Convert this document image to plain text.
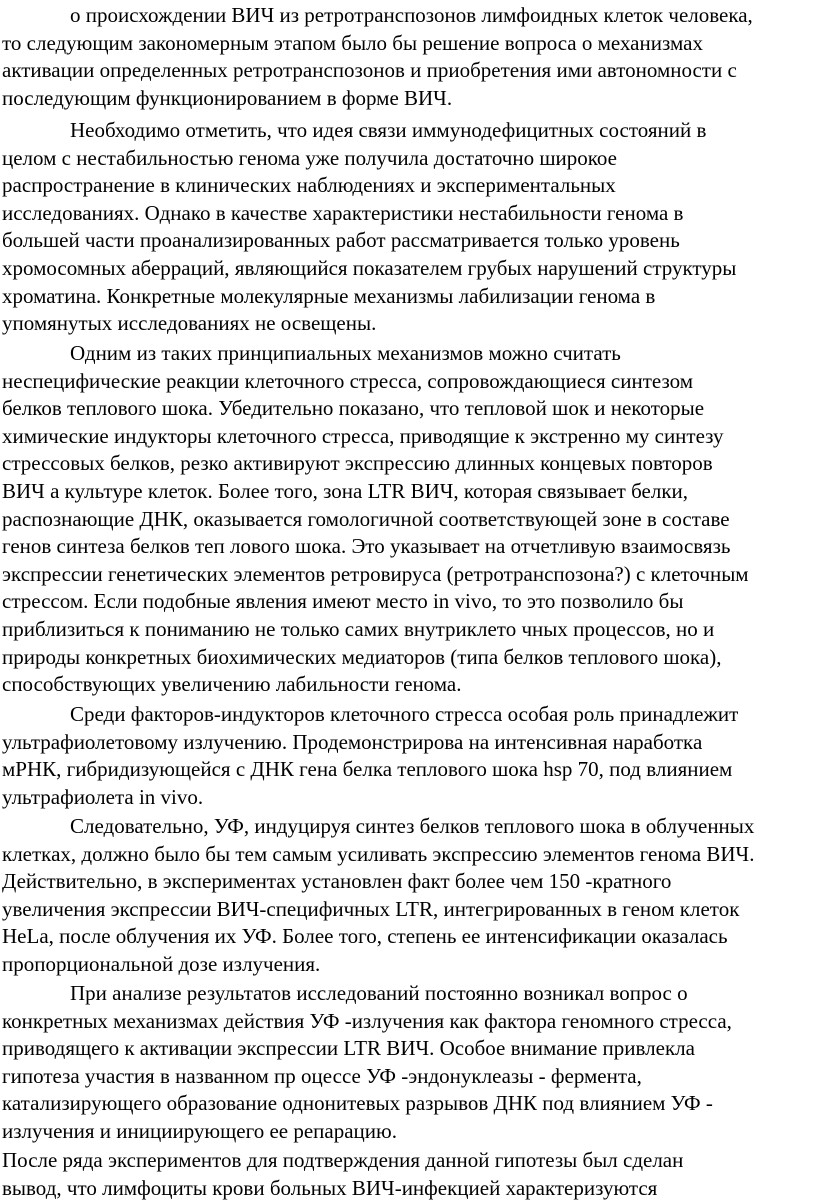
о происхождении ВИЧ из ретротранспозонов лимфоидных клеток человека,
то следующим закономерным этапом было бы решение вопроса о механизмах
активации определенных ретротранспозонов и приобретения ими автономности с
последующим функционированием в форме ВИЧ.
Необходимо отметить, что идея связи иммунодефицитных состояний в
целом с нестабильностью генома уже получила достаточно широкое
распространение в клинических наблюдениях и экспериментальных
исследованиях. Однако в качестве характеристики нестабильности генома в
большей части проанализированных работ рассматривается только уровень
хромосомных аберраций, являющийся показателем грубых нарушений структуры
хроматина. Конкретные молекулярные механизмы лабилизации генома в
упомянутых исследованиях не освещены.
Одним из таких принципиальных механизмов можно считать
неспецифические реакции клеточного стресса, сопровождающиеся синтезом
белков теплового шока. Убедительно показано, что тепловой шок и некоторые
химические индукторы клеточного стресса, приводящие к экстренно му синтезу
стрессовых белков, резко активируют экспрессию длинных концевых повторов
ВИЧ а культуре клеток. Более того, зона LTR ВИЧ, которая связывает белки,
распознающие ДНК, оказывается гомологичной соответствующей зоне в составе
генов синтеза белков теп лового шока. Это указывает на отчетливую взаимосвязь
экспрессии генетических элементов ретровируса (ретротранспозона?) с клеточным
стрессом. Если подобные явления имеют место in vivo, то это позволило бы
приблизиться к пониманию не только самих внутриклето чных процессов, но и
природы конкретных биохимических медиаторов (типа белков теплового шока),
способствующих увеличению лабильности генома.
Среди факторов-индукторов клеточного стресса особая роль принадлежит
ультрафиолетовому излучению. Продемонстрирова на интенсивная наработка
мРНК, гибридизующейся с ДНК гена белка теплового шока hsp 70, под влиянием
ультрафиолета in vivo.
Следовательно, УФ, индуцируя синтез белков теплового шока в облученных
клетках, должно было бы тем самым усиливать экспрессию элементов генома ВИЧ.
Действительно, в экспериментах установлен факт более чем 150 -кратного
увеличения экспрессии ВИЧ-специфичных LTR, интегрированных в геном клеток
HeLa, после облучения их УФ. Более того, степень ее интенсификации оказалась
пропорциональной дозе излучения.
При анализе результатов исследований постоянно возникал вопрос о
конкретных механизмах действия УФ -излучения как фактора геномного стресса,
приводящего к активации экспрессии LTR ВИЧ. Особое внимание привлекла
гипотеза участия в названном пр оцессе УФ -эндонуклеазы - фермента,
катализирующего образование однонитевых разрывов ДНК под влиянием УФ -
излучения и инициирующего ее репарацию.
После ряда экспериментов для подтверждения данной гипотезы был сделан
вывод, что лимфоциты крови больных ВИЧ-инфекцией характеризуются
